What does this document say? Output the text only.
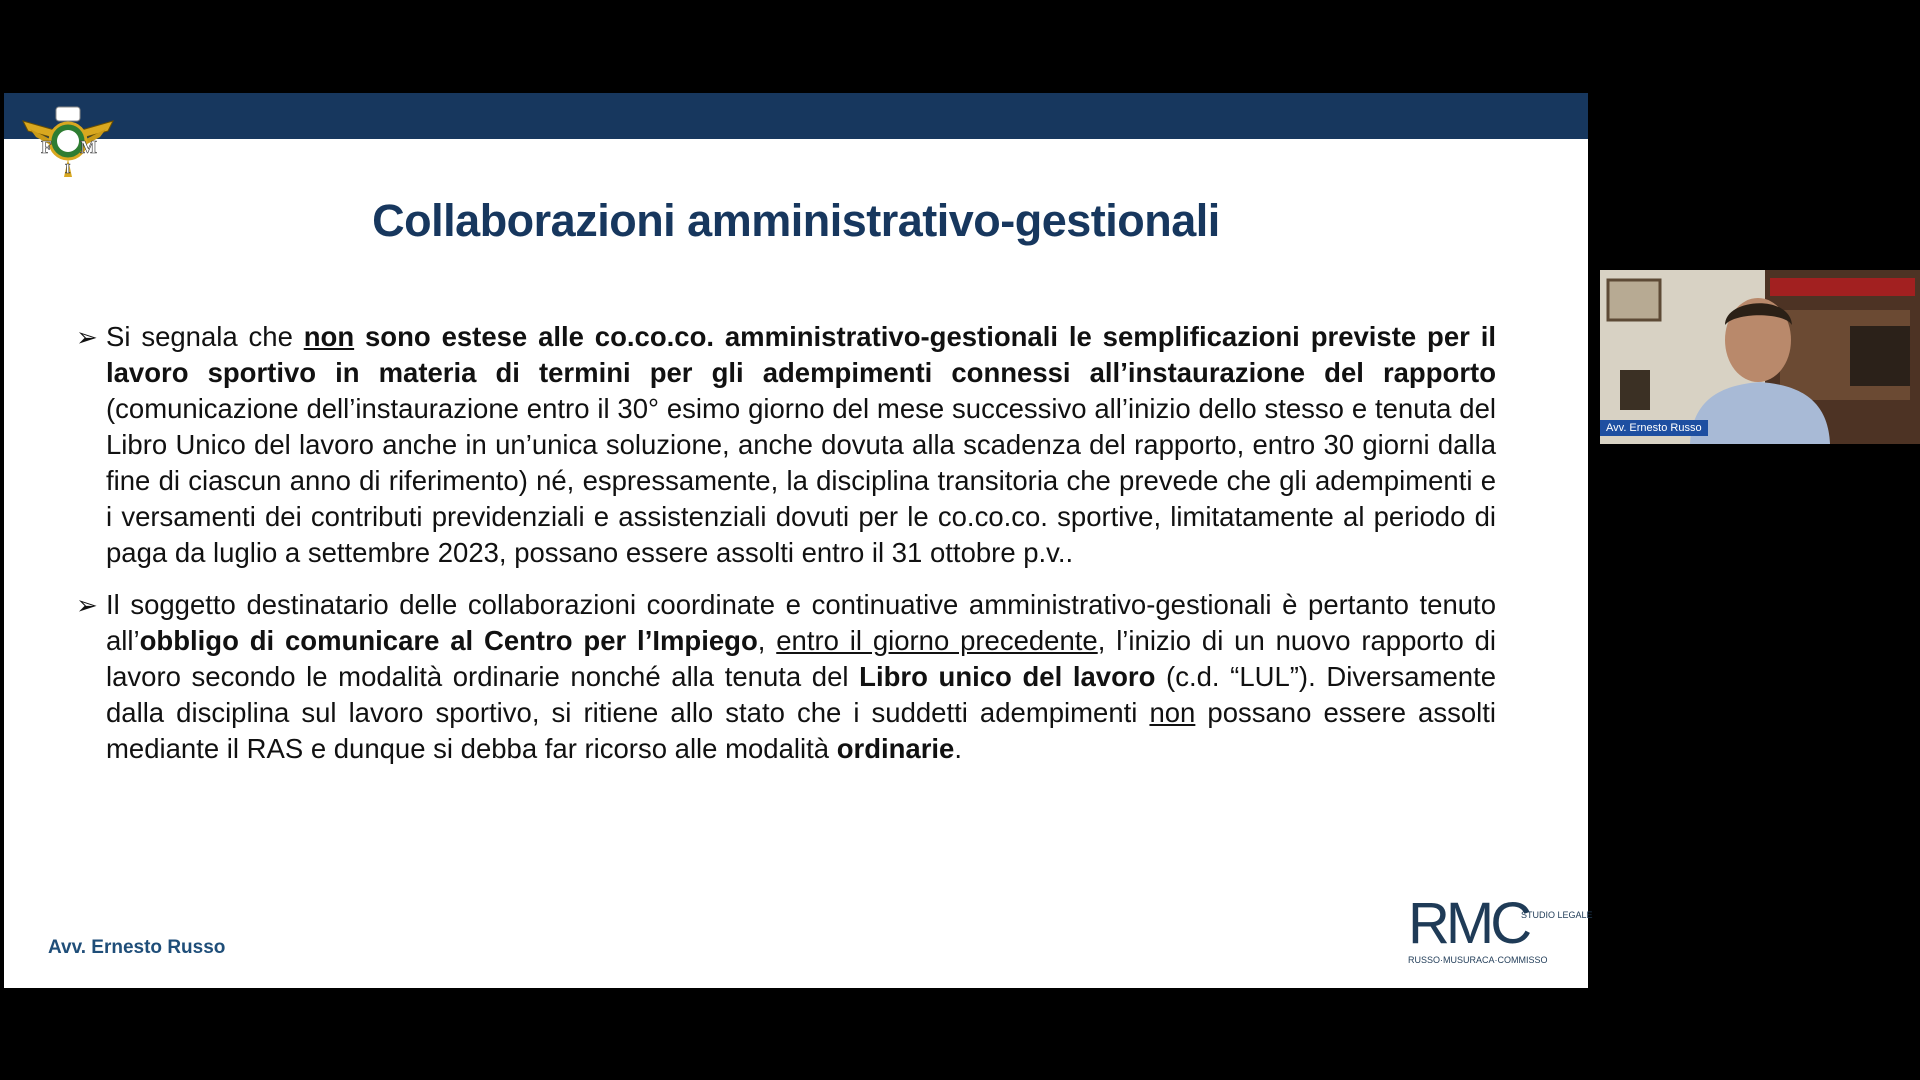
F M
I
Collaborazioni amministrativo-gestionali
➢ Si segnala che non sono estese alle co.co.co. amministrativo-gestionali le semplificazioni previste per il lavoro sportivo in materia di termini per gli adempimenti connessi all’instaurazione del rapporto (comunicazione dell’instaurazione entro il 30° esimo giorno del mese successivo all’inizio dello stesso e tenuta del Libro Unico del lavoro anche in un’unica soluzione, anche dovuta alla scadenza del rapporto, entro 30 giorni dalla fine di ciascun anno di riferimento) né, espressamente, la disciplina transitoria che prevede che gli adempimenti e i versamenti dei contributi previdenziali e assistenziali dovuti per le co.co.co. sportive, limitatamente al periodo di paga da luglio a settembre 2023, possano essere assolti entro il 31 ottobre p.v..
➢ Il soggetto destinatario delle collaborazioni coordinate e continuative amministrativo-gestionali è pertanto tenuto all’obbligo di comunicare al Centro per l’Impiego, entro il giorno precedente, l’inizio di un nuovo rapporto di lavoro secondo le modalità ordinarie nonché alla tenuta del Libro unico del lavoro (c.d. “LUL”). Diversamente dalla disciplina sul lavoro sportivo, si ritiene allo stato che i suddetti adempimenti non possano essere assolti mediante il RAS e dunque si debba far ricorso alle modalità ordinarie.
Avv. Ernesto Russo	RMC
STUDIO LEGALE
RUSSO·MUSURACA·COMMISSO
Avv. Ernesto Russo
